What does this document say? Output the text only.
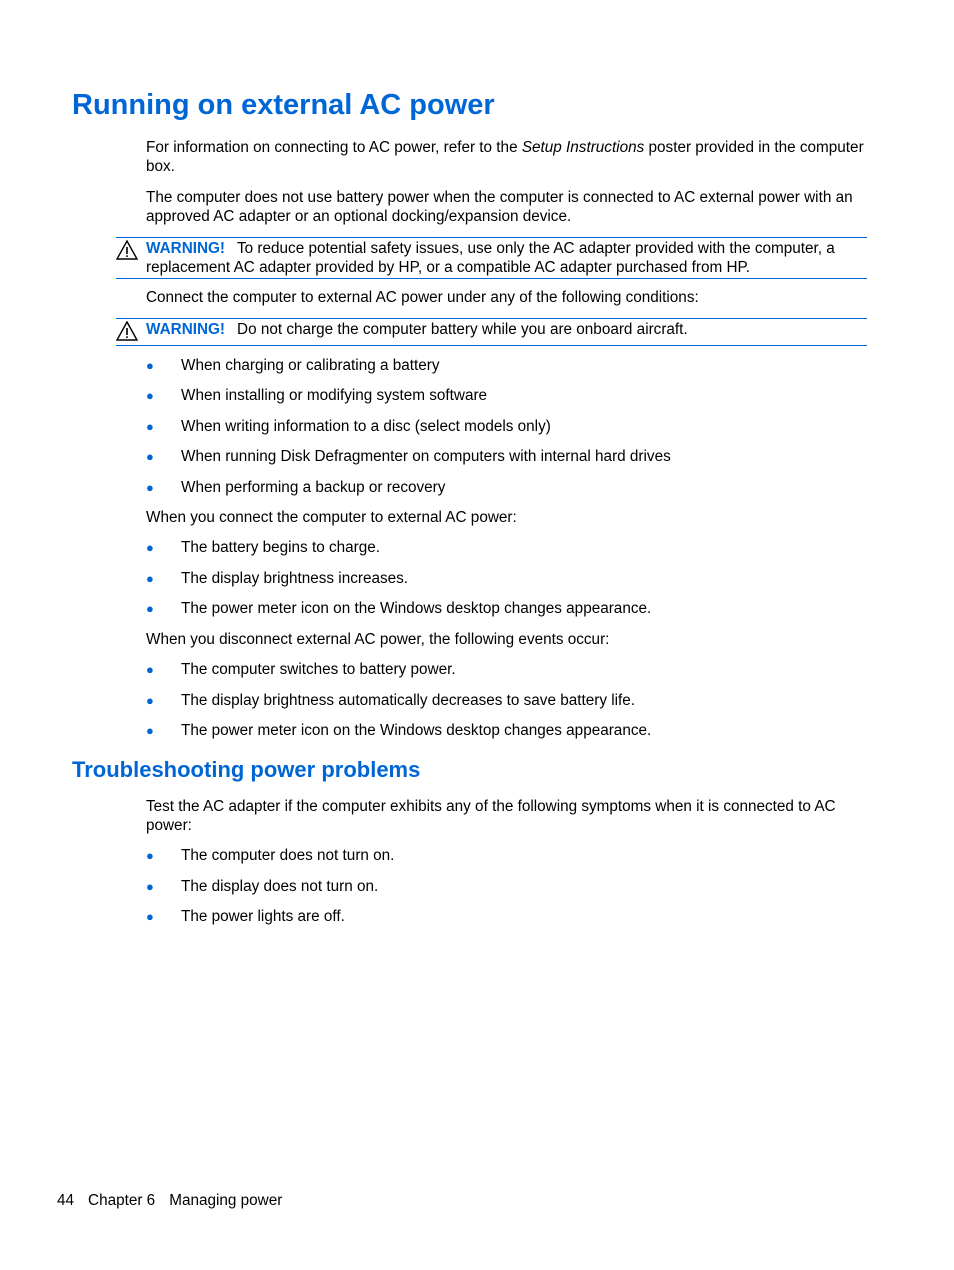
Running on external AC power
For information on connecting to AC power, refer to the Setup Instructions poster provided in the computer box.
The computer does not use battery power when the computer is connected to AC external power with an approved AC adapter or an optional docking/expansion device.
WARNING! To reduce potential safety issues, use only the AC adapter provided with the computer, a replacement AC adapter provided by HP, or a compatible AC adapter purchased from HP.
Connect the computer to external AC power under any of the following conditions:
WARNING! Do not charge the computer battery while you are onboard aircraft.
● When charging or calibrating a battery
● When installing or modifying system software
● When writing information to a disc (select models only)
● When running Disk Defragmenter on computers with internal hard drives
● When performing a backup or recovery
When you connect the computer to external AC power:
● The battery begins to charge.
● The display brightness increases.
● The power meter icon on the Windows desktop changes appearance.
When you disconnect external AC power, the following events occur:
● The computer switches to battery power.
● The display brightness automatically decreases to save battery life.
● The power meter icon on the Windows desktop changes appearance.
Troubleshooting power problems
Test the AC adapter if the computer exhibits any of the following symptoms when it is connected to AC power:
● The computer does not turn on.
● The display does not turn on.
● The power lights are off.
44 Chapter 6 Managing power
